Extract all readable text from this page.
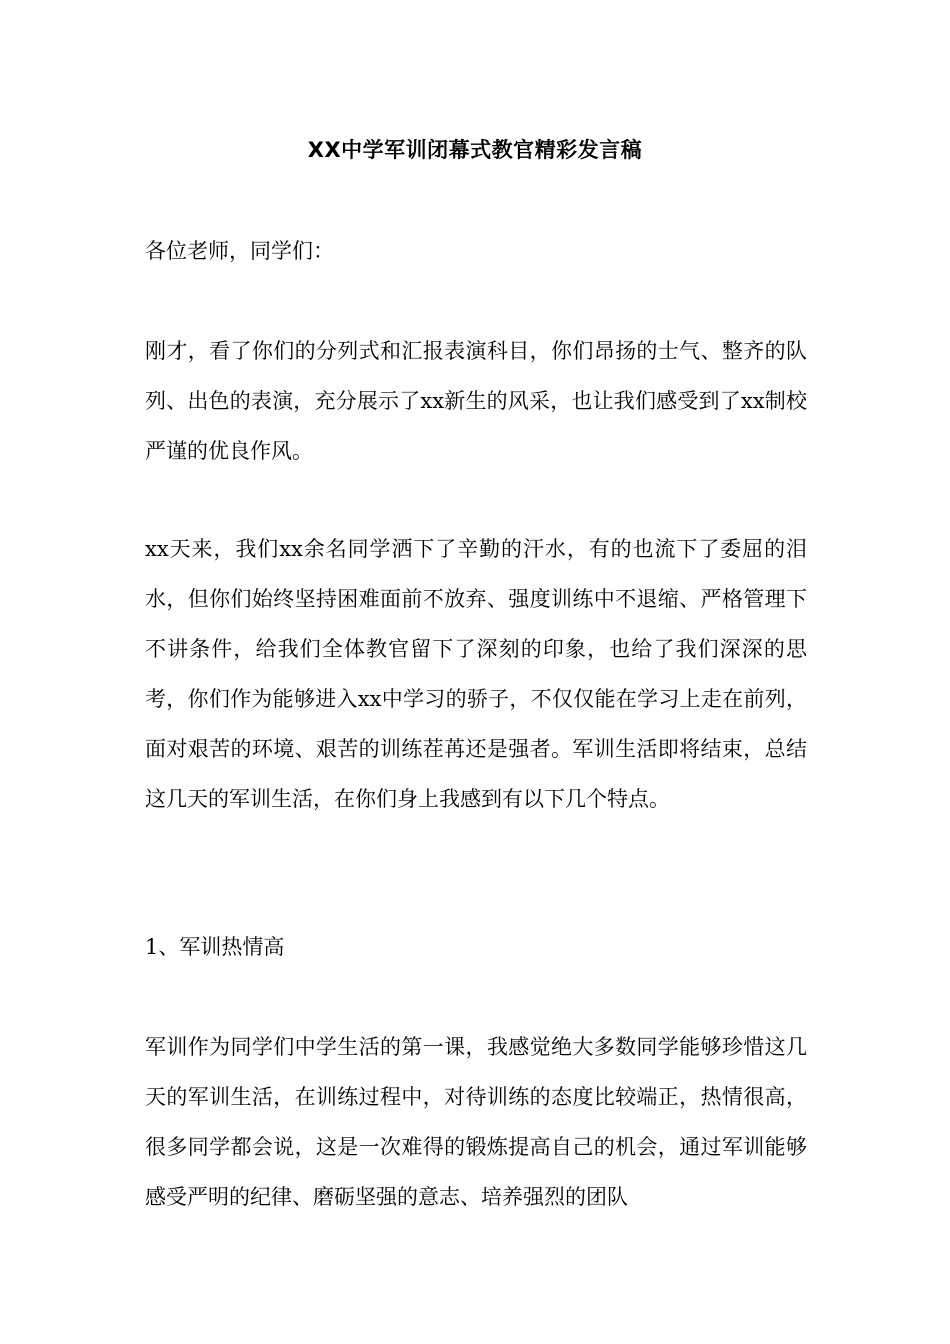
XX中学军训闭幕式教官精彩发言稿

各位老师，同学们：

刚才，看了你们的分列式和汇报表演科目，你们昂扬的士气、整齐的队列、出色的表演，充分展示了xx新生的风采，也让我们感受到了xx制校严谨的优良作风。

xx天来，我们xx余名同学洒下了辛勤的汗水，有的也流下了委屈的泪水，但你们始终坚持困难面前不放弃、强度训练中不退缩、严格管理下不讲条件，给我们全体教官留下了深刻的印象，也给了我们深深的思考，你们作为能够进入xx中学习的骄子，不仅仅能在学习上走在前列，面对艰苦的环境、艰苦的训练茬苒还是强者。军训生活即将结束，总结这几天的军训生活，在你们身上我感到有以下几个特点。

1、军训热情高

军训作为同学们中学生活的第一课，我感觉绝大多数同学能够珍惜这几天的军训生活，在训练过程中，对待训练的态度比较端正，热情很高，很多同学都会说，这是一次难得的锻炼提高自己的机会，通过军训能够感受严明的纪律、磨砺坚强的意志、培养强烈的团队
